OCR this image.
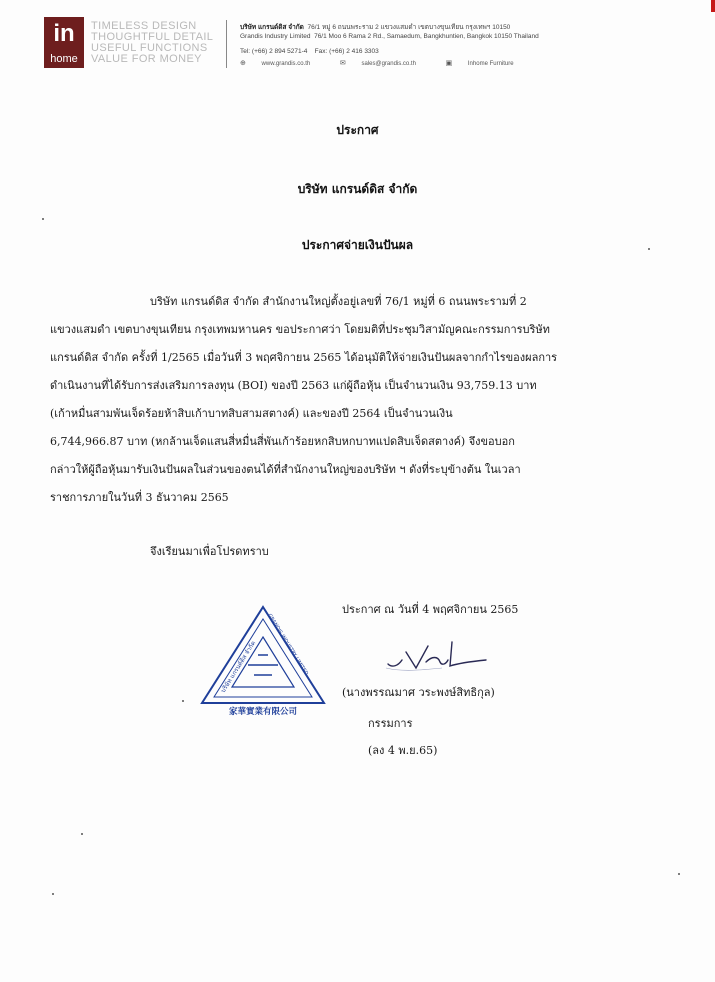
in
home
TIMELESS DESIGN
THOUGHTFUL DETAIL
USEFUL FUNCTIONS
VALUE FOR MONEY
บริษัท แกรนด์ดิส จำกัด 76/1 หมู่ 6 ถนนพระราม 2 แขวงแสมดำ เขตบางขุนเทียน กรุงเทพฯ 10150
Grandis Industry Limited 76/1 Moo 6 Rama 2 Rd., Samaedum, Bangkhuntien, Bangkok 10150 Thailand
Tel: (+66) 2 894 5271-4 Fax: (+66) 2 416 3303
⊕	www.grandis.co.th	✉	sales@grandis.co.th	▣	Inhome Furniture
ประกาศ
บริษัท แกรนด์ดิส จำกัด
ประกาศจ่ายเงินปันผล
บริษัท แกรนด์ดิส จำกัด สำนักงานใหญ่ตั้งอยู่เลขที่ 76/1 หมู่ที่ 6 ถนนพระรามที่ 2
แขวงแสมดำ เขตบางขุนเทียน กรุงเทพมหานคร ขอประกาศว่า โดยมติที่ประชุมวิสามัญคณะกรรมการบริษัท
แกรนด์ดิส จำกัด ครั้งที่ 1/2565 เมื่อวันที่ 3 พฤศจิกายน 2565 ได้อนุมัติให้จ่ายเงินปันผลจากกำไรของผลการ
ดำเนินงานที่ได้รับการส่งเสริมการลงทุน (BOI) ของปี 2563 แก่ผู้ถือหุ้น เป็นจำนวนเงิน 93,759.13 บาท
(เก้าหมื่นสามพันเจ็ดร้อยห้าสิบเก้าบาทสิบสามสตางค์) และของปี 2564 เป็นจำนวนเงิน
6,744,966.87 บาท (หกล้านเจ็ดแสนสี่หมื่นสี่พันเก้าร้อยหกสิบหกบาทแปดสิบเจ็ดสตางค์) จึงขอบอก
กล่าวให้ผู้ถือหุ้นมารับเงินปันผลในส่วนของตนได้ที่สำนักงานใหญ่ของบริษัท ฯ ดังที่ระบุข้างต้น ในเวลา
ราชการภายในวันที่ 3 ธันวาคม 2565
จึงเรียนมาเพื่อโปรดทราบ
ประกาศ ณ วันที่ 4 พฤศจิกายน 2565
家華實業有限公司
บริษัท แกรนด์ดิส จำกัด GRANDIS INDUSTRY LIMITED
(นางพรรณมาศ วระพงษ์สิทธิกุล)
กรรมการ
(ลง 4 พ.ย.65)
